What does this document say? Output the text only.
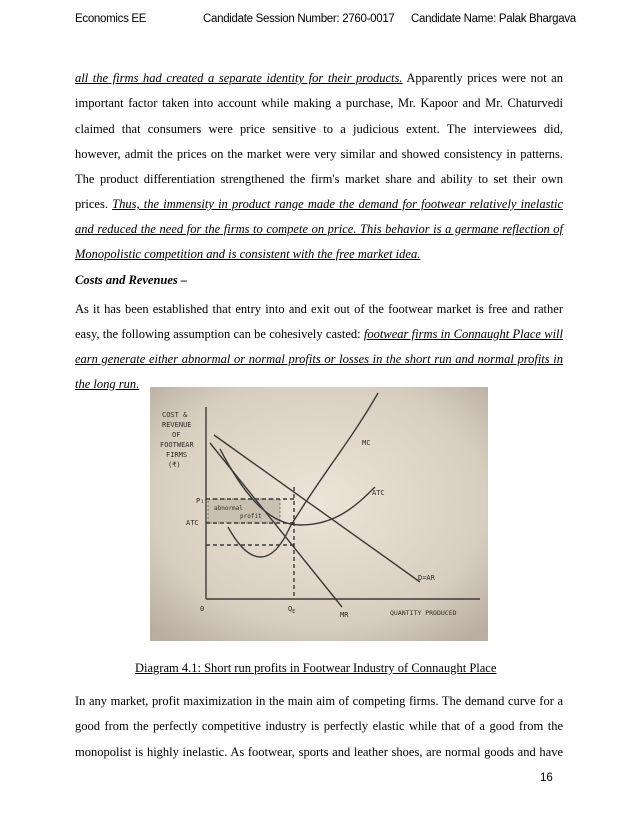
Economics EE	Candidate Session Number: 2760-0017 Candidate Name: Palak Bhargava
all the firms had created a separate identity for their products. Apparently prices were not an
important factor taken into account while making a purchase, Mr. Kapoor and Mr. Chaturvedi
claimed that consumers were price sensitive to a judicious extent. The interviewees did,
however, admit the prices on the market were very similar and showed consistency in patterns.
The product differentiation strengthened the firm's market share and ability to set their own
prices. Thus, the immensity in product range made the demand for footwear relatively inelastic
and reduced the need for the firms to compete on price. This behavior is a germane reflection of
Monopolistic competition and is consistent with the free market idea.
Costs and Revenues –
As it has been established that entry into and exit out of the footwear market is free and rather
easy, the following assumption can be cohesively casted: footwear firms in Connaught Place will
earn generate either abnormal or normal profits or losses in the short run and normal profits in
the long run.
COST &
REVENUE
OF
FOOTWEAR
FIRMS
(₹)
P₁
ATC
abnormal
profit
MC
ATC
D=AR
MR
0	$Q_E$	QUANTITY PRODUCED
Diagram 4.1: Short run profits in Footwear Industry of Connaught Place
In any market, profit maximization in the main aim of competing firms. The demand curve for a
good from the perfectly competitive industry is perfectly elastic while that of a good from the
monopolist is highly inelastic. As footwear, sports and leather shoes, are normal goods and have
16
